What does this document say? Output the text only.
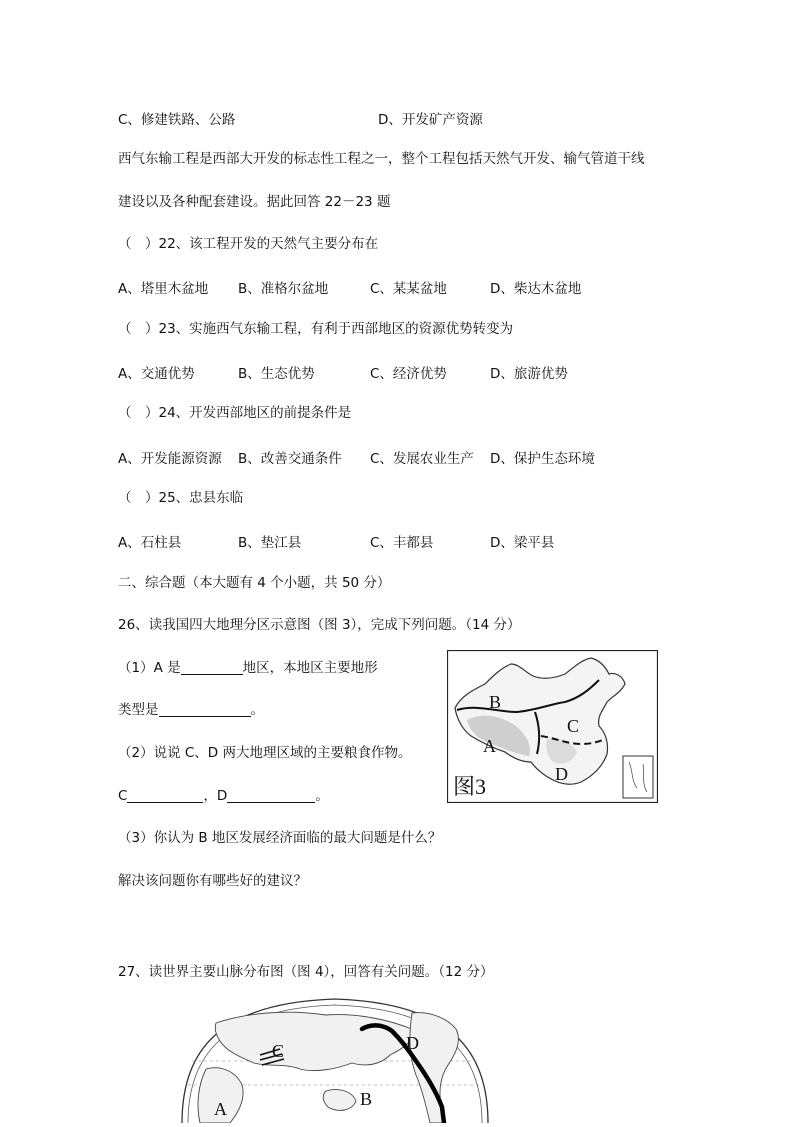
C、修建铁路、公路	D、开发矿产资源
西气东输工程是西部大开发的标志性工程之一，整个工程包括天然气开发、输气管道干线
建设以及各种配套建设。据此回答 22－23 题
（　）22、该工程开发的天然气主要分布在
A、塔里木盆地 B、准格尔盆地	C、某某盆地	D、柴达木盆地
（　）23、实施西气东输工程，有利于西部地区的资源优势转变为
A、交通优势	B、生态优势	C、经济优势	D、旅游优势
（　）24、开发西部地区的前提条件是
A、开发能源资源 B、改善交通条件 C、发展农业生产 D、保护生态环境
（　）25、忠县东临
A、石柱县	B、垫江县	C、丰都县	D、梁平县
二、综合题（本大题有 4 个小题，共 50 分）
26、读我国四大地理分区示意图（图 3），完成下列问题。（14 分）
（1）A 是	地区，本地区主要地形
类型是	。
（2）说说 C、D 两大地理区域的主要粮食作物。
C	，D	。
（3）你认为 B 地区发展经济面临的最大问题是什么？
解决该问题你有哪些好的建议？
27、读世界主要山脉分布图（图 4），回答有关问题。（12 分）
B
A
C
D
图3
C	D
B
A
